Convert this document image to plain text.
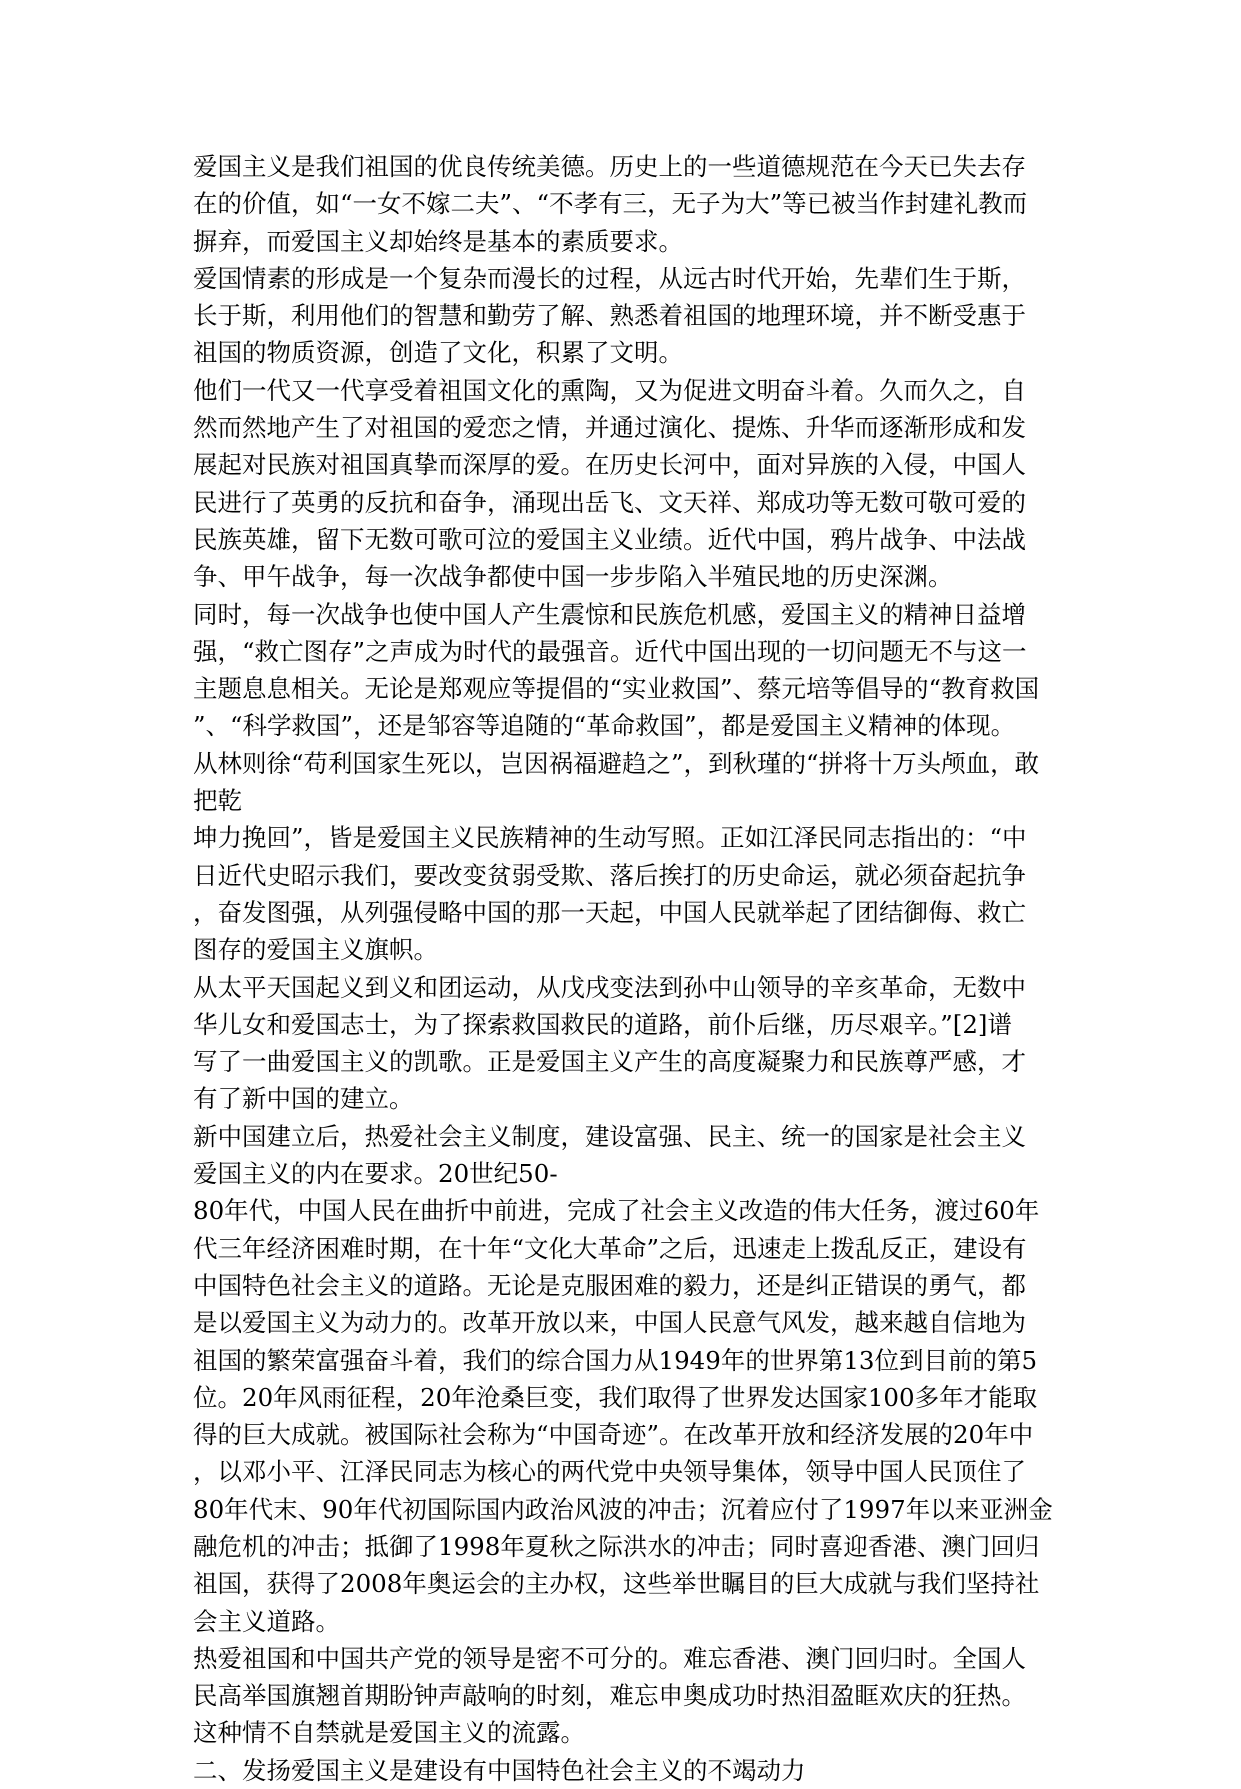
爱国主义是我们祖国的优良传统美德。历史上的一些道德规范在今天已失去存
在的价值，如“一女不嫁二夫”、“不孝有三，无子为大”等已被当作封建礼教而
摒弃，而爱国主义却始终是基本的素质要求。
爱国情素的形成是一个复杂而漫长的过程，从远古时代开始，先辈们生于斯，
长于斯，利用他们的智慧和勤劳了解、熟悉着祖国的地理环境，并不断受惠于
祖国的物质资源，创造了文化，积累了文明。
他们一代又一代享受着祖国文化的熏陶，又为促进文明奋斗着。久而久之，自
然而然地产生了对祖国的爱恋之情，并通过演化、提炼、升华而逐渐形成和发
展起对民族对祖国真挚而深厚的爱。在历史长河中，面对异族的入侵，中国人
民进行了英勇的反抗和奋争，涌现出岳飞、文天祥、郑成功等无数可敬可爱的
民族英雄，留下无数可歌可泣的爱国主义业绩。近代中国，鸦片战争、中法战
争、甲午战争，每一次战争都使中国一步步陷入半殖民地的历史深渊。
同时，每一次战争也使中国人产生震惊和民族危机感，爱国主义的精神日益增
强，“救亡图存”之声成为时代的最强音。近代中国出现的一切问题无不与这一
主题息息相关。无论是郑观应等提倡的“实业救国”、蔡元培等倡导的“教育救国
”、“科学救国”，还是邹容等追随的“革命救国”，都是爱国主义精神的体现。
从林则徐“苟利国家生死以，岂因祸福避趋之”，到秋瑾的“拼将十万头颅血，敢
把乾
坤力挽回”，皆是爱国主义民族精神的生动写照。正如江泽民同志指出的：“中
日近代史昭示我们，要改变贫弱受欺、落后挨打的历史命运，就必须奋起抗争
，奋发图强，从列强侵略中国的那一天起，中国人民就举起了团结御侮、救亡
图存的爱国主义旗帜。
从太平天国起义到义和团运动，从戊戌变法到孙中山领导的辛亥革命，无数中
华儿女和爱国志士，为了探索救国救民的道路，前仆后继，历尽艰辛。”[2]谱
写了一曲爱国主义的凯歌。正是爱国主义产生的高度凝聚力和民族尊严感，才
有了新中国的建立。
新中国建立后，热爱社会主义制度，建设富强、民主、统一的国家是社会主义
爱国主义的内在要求。20世纪50-
80年代，中国人民在曲折中前进，完成了社会主义改造的伟大任务，渡过60年
代三年经济困难时期，在十年“文化大革命”之后，迅速走上拨乱反正，建设有
中国特色社会主义的道路。无论是克服困难的毅力，还是纠正错误的勇气，都
是以爱国主义为动力的。改革开放以来，中国人民意气风发，越来越自信地为
祖国的繁荣富强奋斗着，我们的综合国力从1949年的世界第13位到目前的第5
位。20年风雨征程，20年沧桑巨变，我们取得了世界发达国家100多年才能取
得的巨大成就。被国际社会称为“中国奇迹”。在改革开放和经济发展的20年中
，以邓小平、江泽民同志为核心的两代党中央领导集体，领导中国人民顶住了
80年代末、90年代初国际国内政治风波的冲击；沉着应付了1997年以来亚洲金
融危机的冲击；抵御了1998年夏秋之际洪水的冲击；同时喜迎香港、澳门回归
祖国，获得了2008年奥运会的主办权，这些举世瞩目的巨大成就与我们坚持社
会主义道路。
热爱祖国和中国共产党的领导是密不可分的。难忘香港、澳门回归时。全国人
民高举国旗翘首期盼钟声敲响的时刻，难忘申奥成功时热泪盈眶欢庆的狂热。
这种情不自禁就是爱国主义的流露。
二、发扬爱国主义是建设有中国特色社会主义的不竭动力
